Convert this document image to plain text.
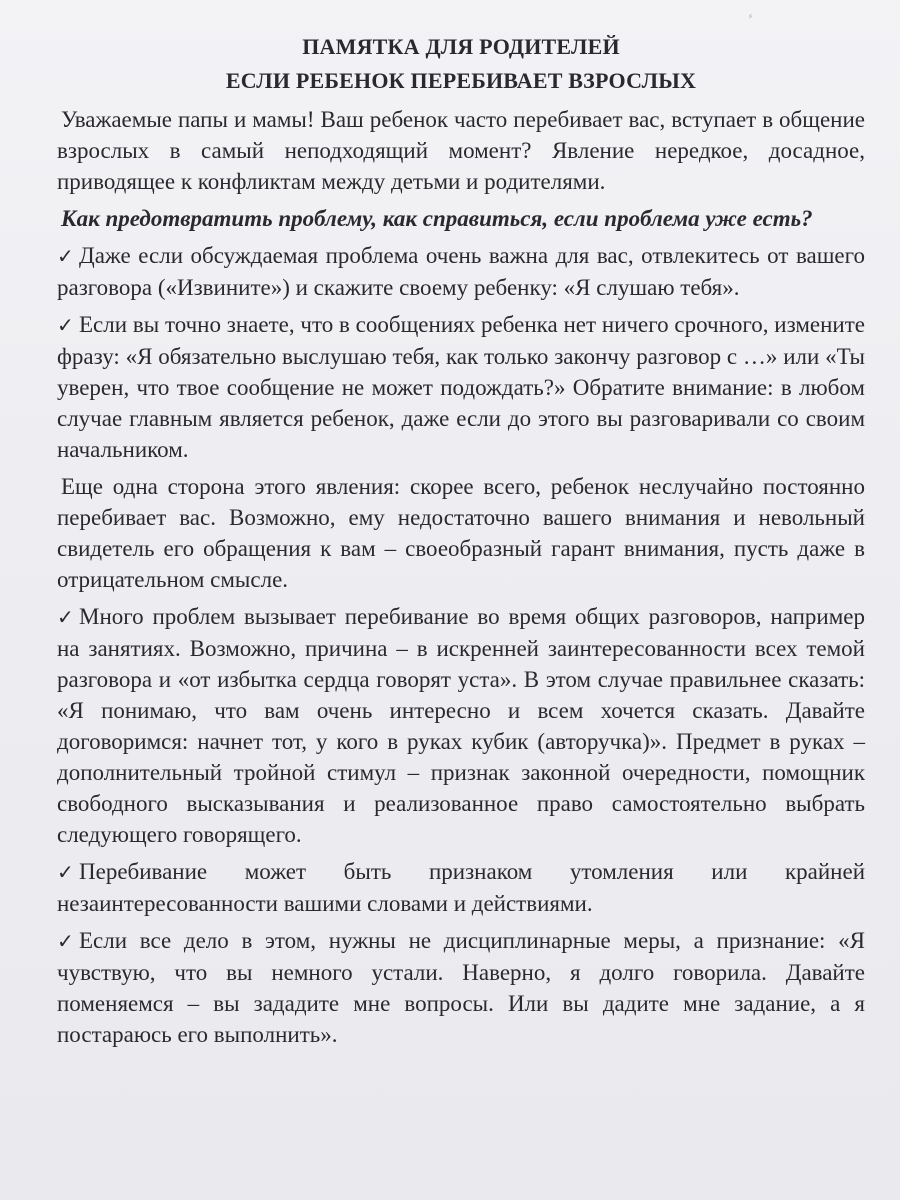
⸗
ПАМЯТКА ДЛЯ РОДИТЕЛЕЙ
ЕСЛИ РЕБЕНОК ПЕРЕБИВАЕТ ВЗРОСЛЫХ

Уважаемые папы и мамы! Ваш ребенок часто перебивает вас, вступает в общение взрослых в самый неподходящий момент? Явление нередкое, досадное, приводящее к конфликтам между детьми и родителями.

Как предотвратить проблему, как справиться, если проблема уже есть?

✓ Даже если обсуждаемая проблема очень важна для вас, отвлекитесь от вашего разговора («Извините») и скажите своему ребенку: «Я слушаю тебя».

✓ Если вы точно знаете, что в сообщениях ребенка нет ничего срочного, измените фразу: «Я обязательно выслушаю тебя, как только закончу разговор с …» или «Ты уверен, что твое сообщение не может подождать?» Обратите внимание: в любом случае главным является ребенок, даже если до этого вы разговаривали со своим начальником.

Еще одна сторона этого явления: скорее всего, ребенок неслучайно постоянно перебивает вас. Возможно, ему недостаточно вашего внимания и невольный свидетель его обращения к вам – своеобразный гарант внимания, пусть даже в отрицательном смысле.

✓ Много проблем вызывает перебивание во время общих разговоров, например на занятиях. Возможно, причина – в искренней заинтересованности всех темой разговора и «от избытка сердца говорят уста». В этом случае правильнее сказать: «Я понимаю, что вам очень интересно и всем хочется сказать. Давайте договоримся: начнет тот, у кого в руках кубик (авторучка)». Предмет в руках – дополнительный тройной стимул – признак законной очередности, помощник свободного высказывания и реализованное право самостоятельно выбрать следующего говорящего.

✓ Перебивание может быть признаком утомления или крайней незаинтересованности вашими словами и действиями.

✓ Если все дело в этом, нужны не дисциплинарные меры, а признание: «Я чувствую, что вы немного устали. Наверно, я долго говорила. Давайте поменяемся – вы зададите мне вопросы. Или вы дадите мне задание, а я постараюсь его выполнить».
